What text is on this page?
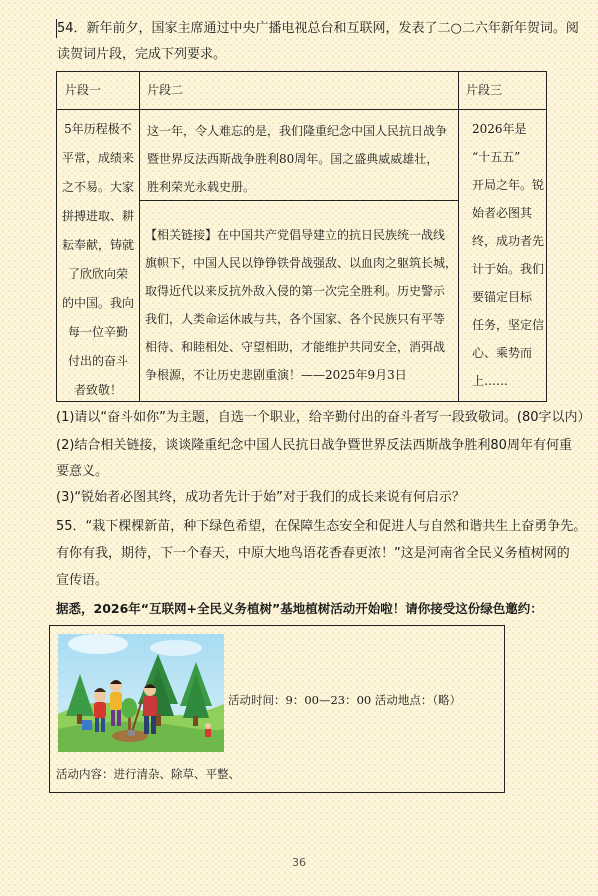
54．新年前夕，国家主席通过中央广播电视总台和互联网，发表了二○二六年新年贺词。阅
读贺词片段，完成下列要求。
片段一	片段二	片段三
5年历程极不
平常，成绩来
之不易。大家
拼搏进取、耕
耘奉献，铸就
了欣欣向荣
的中国。我向
每一位辛勤
付出的奋斗
者致敬！
这一年，令人难忘的是，我们隆重纪念中国人民抗日战争
暨世界反法西斯战争胜利80周年。国之盛典威威雄壮，
胜利荣光永载史册。
【相关链接】在中国共产党倡导建立的抗日民族统一战线
旗帜下，中国人民以铮铮铁骨战强敌、以血肉之躯筑长城，
取得近代以来反抗外敌入侵的第一次完全胜利。历史警示
我们，人类命运休戚与共，各个国家、各个民族只有平等
相待、和睦相处、守望相助，才能维护共同安全，消弭战
争根源，不让历史悲剧重演！——2025年9月3日
2026年是
“十五五”
开局之年。锐
始者必图其
终，成功者先
计于始。我们
要锚定目标
任务，坚定信
心、乘势而
上……
(1)请以“奋斗如你”为主题，自选一个职业，给辛勤付出的奋斗者写一段致敬词。(80字以内）
(2)结合相关链接，谈谈隆重纪念中国人民抗日战争暨世界反法西斯战争胜利80周年有何重
要意义。
(3)“锐始者必图其终，成功者先计于始”对于我们的成长来说有何启示？
55．“栽下棵棵新苗，种下绿色希望，在保障生态安全和促进人与自然和谐共生上奋勇争先。
有你有我，期待，下一个春天，中原大地鸟语花香春更浓！”这是河南省全民义务植树网的
宣传语。
据悉，2026年“互联网+全民义务植树”基地植树活动开始啦！请你接受这份绿色邀约：
活动时间：9：00—23：00 活动地点：（略）
活动内容：进行清杂、除草、平整、
36
